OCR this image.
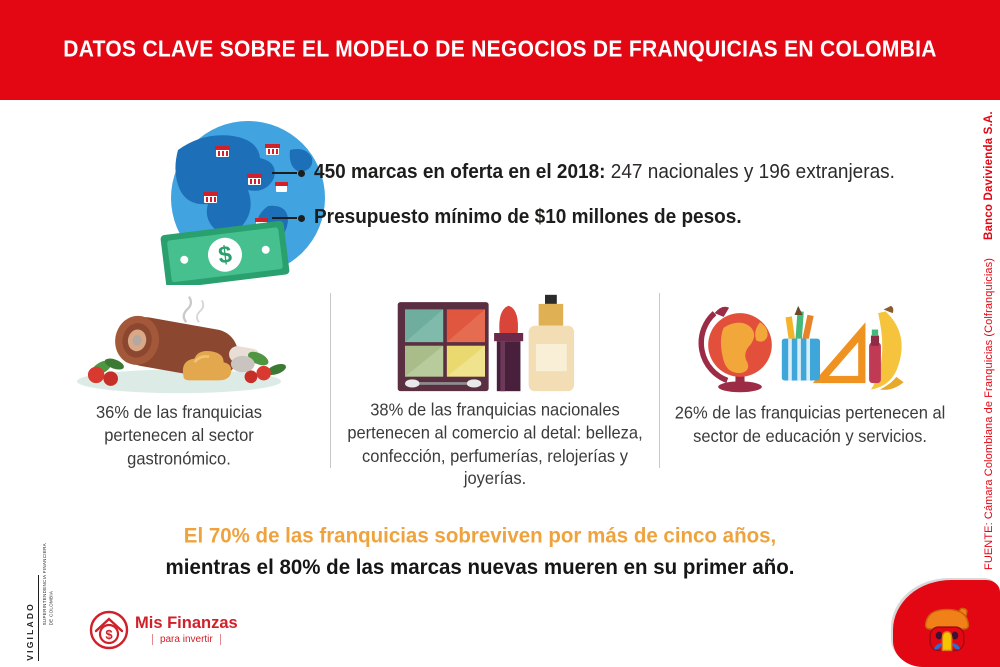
DATOS CLAVE SOBRE EL MODELO DE NEGOCIOS DE FRANQUICIAS EN COLOMBIA
$
450 marcas en oferta en el 2018: 247 nacionales y 196 extranjeras.
Presupuesto mínimo de $10 millones de pesos.
36% de las franquicias pertenecen al sector gastronómico.
38% de las franquicias nacionales pertenecen al comercio al detal: belleza, confección, perfumerías, relojerías y joyerías.
26% de las franquicias pertenecen al sector de educación y servicios.
El 70% de las franquicias sobreviven por más de cinco años,
mientras el 80% de las marcas nuevas mueren en su primer año.
Banco Davivienda S.A.
FUENTE: Cámara Colombiana de Franquicias (Colfranquicias)
VIGILADO
SUPERINTENDENCIA FINANCIERA
DE COLOMBIA
$
Mis Finanzas
para invertir
